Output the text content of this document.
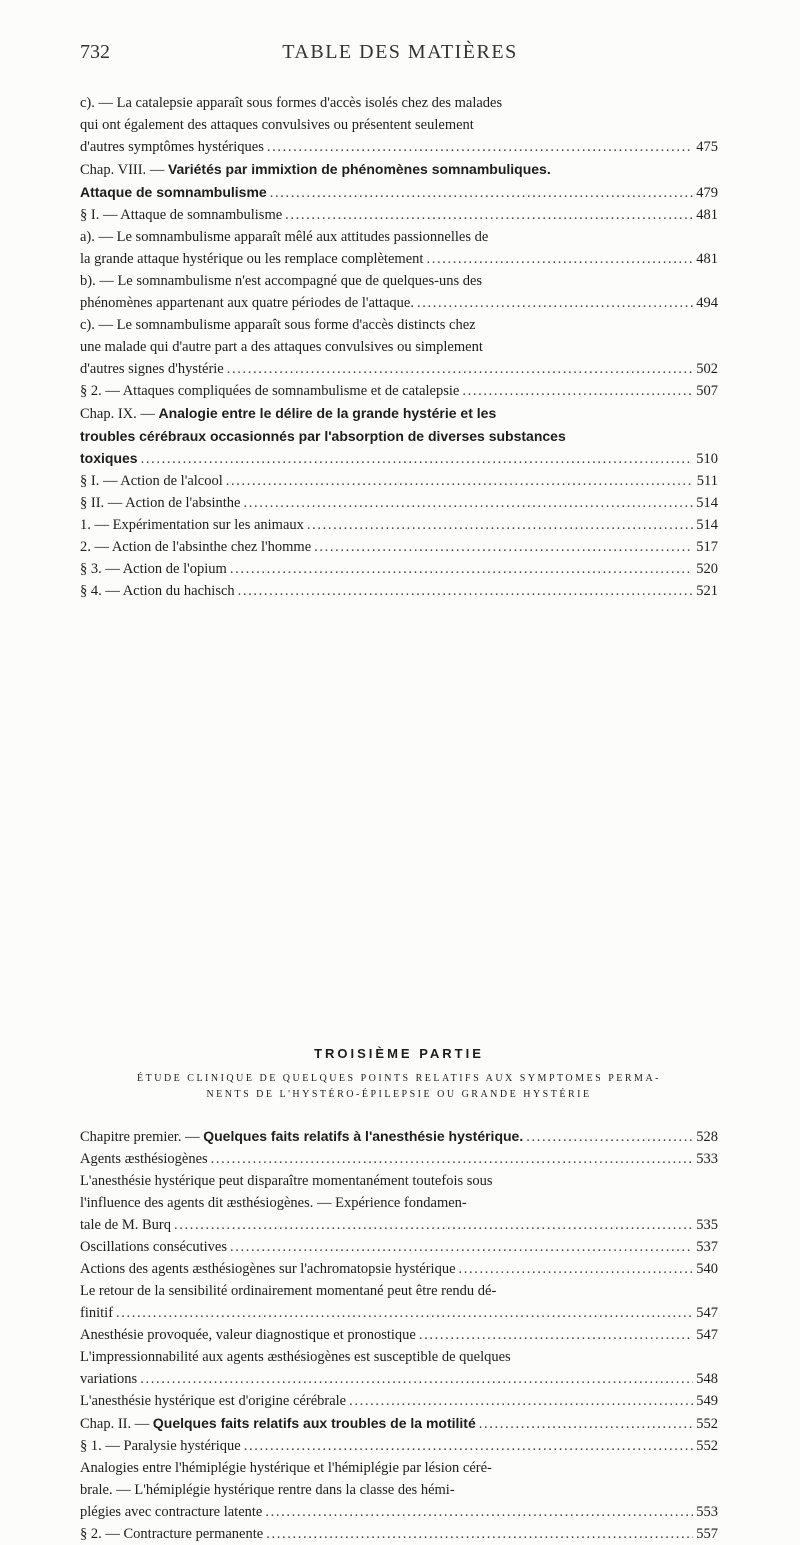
732	TABLE DES MATIÈRES
c). — La catalepsie apparaît sous formes d'accès isolés chez des malades
qui ont également des attaques convulsives ou présentent seulement
d'autres symptômes hystériques . . .	475
Chap. VIII. — Variétés par immixtion de phénomènes somnambuliques.
Attaque de somnambulisme . . .	479
§ I. — Attaque de somnambulisme . . .	481
a). — Le somnambulisme apparaît mêlé aux attitudes passionnelles de
la grande attaque hystérique ou les remplace complètement . . .	481
b). — Le somnambulisme n'est accompagné que de quelques-uns des
phénomènes appartenant aux quatre périodes de l'attaque. . . .	494
c). — Le somnambulisme apparaît sous forme d'accès distincts chez
une malade qui d'autre part a des attaques convulsives ou simplement
d'autres signes d'hystérie . . .	502
§ 2. — Attaques compliquées de somnambulisme et de catalepsie . . .	507
Chap. IX. — Analogie entre le délire de la grande hystérie et les
troubles cérébraux occasionnés par l'absorption de diverses substances
toxiques . . .	510
§ I. — Action de l'alcool . . .	511
§ II. — Action de l'absinthe . . .	514
1. — Expérimentation sur les animaux . . .	514
2. — Action de l'absinthe chez l'homme . . .	517
§ 3. — Action de l'opium . . .	520
§ 4. — Action du hachisch . . .	521
TROISIÈME PARTIE
ÉTUDE CLINIQUE DE QUELQUES POINTS RELATIFS AUX SYMPTOMES PERMA-
NENTS DE L'HYSTÉRO-ÉPILEPSIE OU GRANDE HYSTÉRIE
Chapitre premier. — Quelques faits relatifs à l'anesthésie hystérique. . . .	528
Agents æsthésiogènes . . .	533
L'anesthésie hystérique peut disparaître momentanément toutefois sous
l'influence des agents dit æsthésiogènes. — Expérience fondamen-
tale de M. Burq . . .	535
Oscillations consécutives . . .	537
Actions des agents æsthésiogènes sur l'achromatopsie hystérique . . .	540
Le retour de la sensibilité ordinairement momentané peut être rendu dé-
finitif . . .	547
Anesthésie provoquée, valeur diagnostique et pronostique . . .	547
L'impressionnabilité aux agents æsthésiogènes est susceptible de quelques
variations . . .	548
L'anesthésie hystérique est d'origine cérébrale . . .	549
Chap. II. — Quelques faits relatifs aux troubles de la motilité . . .	552
§ 1. — Paralysie hystérique . . .	552
Analogies entre l'hémiplégie hystérique et l'hémiplégie par lésion céré-
brale. — L'hémiplégie hystérique rentre dans la classe des hémi-
plégies avec contracture latente . . .	553
§ 2. — Contracture permanente . . .	557
